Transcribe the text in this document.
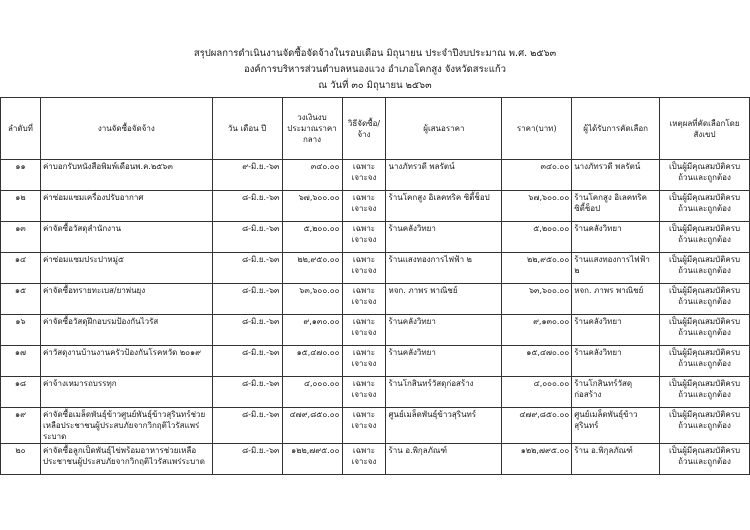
สรุปผลการดำเนินงานจัดซื้อจัดจ้างในรอบเดือน มิถุนายน ประจำปีงบประมาณ พ.ศ. ๒๕๖๓
องค์การบริหารส่วนตำบลหนองแวง อำเภอโคกสูง จังหวัดสระแก้ว
ณ วันที่ ๓๐ มิถุนายน ๒๕๖๓
ลำดับที่	งานจัดซื้อจัดจ้าง	วัน เดือน ปี	วงเงินงบประมาณราคากลาง	วิธีจัดซื้อ/จ้าง	ผู้เสนอราคา	ราคา(บาท)	ผู้ได้รับการคัดเลือก	เหตุผลที่คัดเลือกโดยสังเขป
๑๑	ค่าบอกรับหนังสือพิมพ์เดือนพ.ค.๒๕๖๓	๙-มิ.ย.-๖๓	๓๔๐.๐๐	เฉพาะเจาะจง	นางภัทรวดี พลรัตน์	๓๔๐.๐๐	นางภัทรวดี พลรัตน์	เป็นผู้มีคุณสมบัติครบถ้วนและถูกต้อง
๑๒	ค่าซ่อมแซมเครื่องปรับอากาศ	๘-มิ.ย.-๖๓	๖๗,๖๐๐.๐๐	เฉพาะเจาะจง	ร้านโคกสูง อิเลคทริค ซิตี้ช็อป	๖๗,๖๐๐.๐๐	ร้านโคกสูง อิเลคทริค ซิตี้ช็อป	เป็นผู้มีคุณสมบัติครบถ้วนและถูกต้อง
๑๓	ค่าจัดซื้อวัสดุสำนักงาน	๘-มิ.ย.-๖๓	๕,๒๐๐.๐๐	เฉพาะเจาะจง	ร้านคลังวิทยา	๕,๒๐๐.๐๐	ร้านคลังวิทยา	เป็นผู้มีคุณสมบัติครบถ้วนและถูกต้อง
๑๔	ค่าซ่อมแซมประปาหมู่๕	๘-มิ.ย.-๖๓	๒๒,๙๕๐.๐๐	เฉพาะเจาะจง	ร้านแสงทองการไฟฟ้า ๒	๒๒,๙๕๐.๐๐	ร้านแสงทองการไฟฟ้า ๒	เป็นผู้มีคุณสมบัติครบถ้วนและถูกต้อง
๑๕	ค่าจัดซื้อทรายทะเบส/ยาพ่นยุง	๘-มิ.ย.-๖๓	๖๓,๖๐๐.๐๐	เฉพาะเจาะจง	หจก. ภาพร พาณิชย์	๖๓,๖๐๐.๐๐	หจก. ภาพร พาณิชย์	เป็นผู้มีคุณสมบัติครบถ้วนและถูกต้อง
๑๖	ค่าจัดซื้อวัสดุฝึกอบรมป้องกันไวรัส	๘-มิ.ย.-๖๓	๙,๑๓๐.๐๐	เฉพาะเจาะจง	ร้านคลังวิทยา	๙,๑๓๐.๐๐	ร้านคลังวิทยา	เป็นผู้มีคุณสมบัติครบถ้วนและถูกต้อง
๑๗	ค่าวัสดุงานบ้านงานครัวป้องกันโรคหวัด ๒๐๑๙	๘-มิ.ย.-๖๓	๑๕,๔๗๐.๐๐	เฉพาะเจาะจง	ร้านคลังวิทยา	๑๕,๔๗๐.๐๐	ร้านคลังวิทยา	เป็นผู้มีคุณสมบัติครบถ้วนและถูกต้อง
๑๘	ค่าจ้างเหมารถบรรทุก	๘-มิ.ย.-๖๓	๔,๐๐๐.๐๐	เฉพาะเจาะจง	ร้านโกสินทร์วัสดุก่อสร้าง	๔,๐๐๐.๐๐	ร้านโกสินทร์วัสดุก่อสร้าง	เป็นผู้มีคุณสมบัติครบถ้วนและถูกต้อง
๑๙	ค่าจัดซื้อเมล็ดพันธุ์ข้าวศูนย์พันธุ์ข้าวสุรินทร์ช่วยเหลือประชาชนผู้ประสบภัยจากวิกฤติไวรัสแพร่ระบาด	๘-มิ.ย.-๖๓	๔๗๙,๘๕๐.๐๐	เฉพาะเจาะจง	ศูนย์เมล็ดพันธุ์ข้าวสุรินทร์	๔๗๙,๘๕๐.๐๐	ศูนย์เมล็ดพันธุ์ข้าวสุรินทร์	เป็นผู้มีคุณสมบัติครบถ้วนและถูกต้อง
๒๐	ค่าจัดซื้อลูกเป็ดพันธุ์ไข่พร้อมอาหารช่วยเหลือประชาชนผู้ประสบภัยจากวิกฤติไวรัสแพร่ระบาด	๘-มิ.ย.-๖๓	๑๒๒,๗๙๕.๐๐	เฉพาะเจาะจง	ร้าน อ.พิกุลภัณฑ์	๑๒๒,๗๙๕.๐๐	ร้าน อ.พิกุลภัณฑ์	เป็นผู้มีคุณสมบัติครบถ้วนและถูกต้อง
